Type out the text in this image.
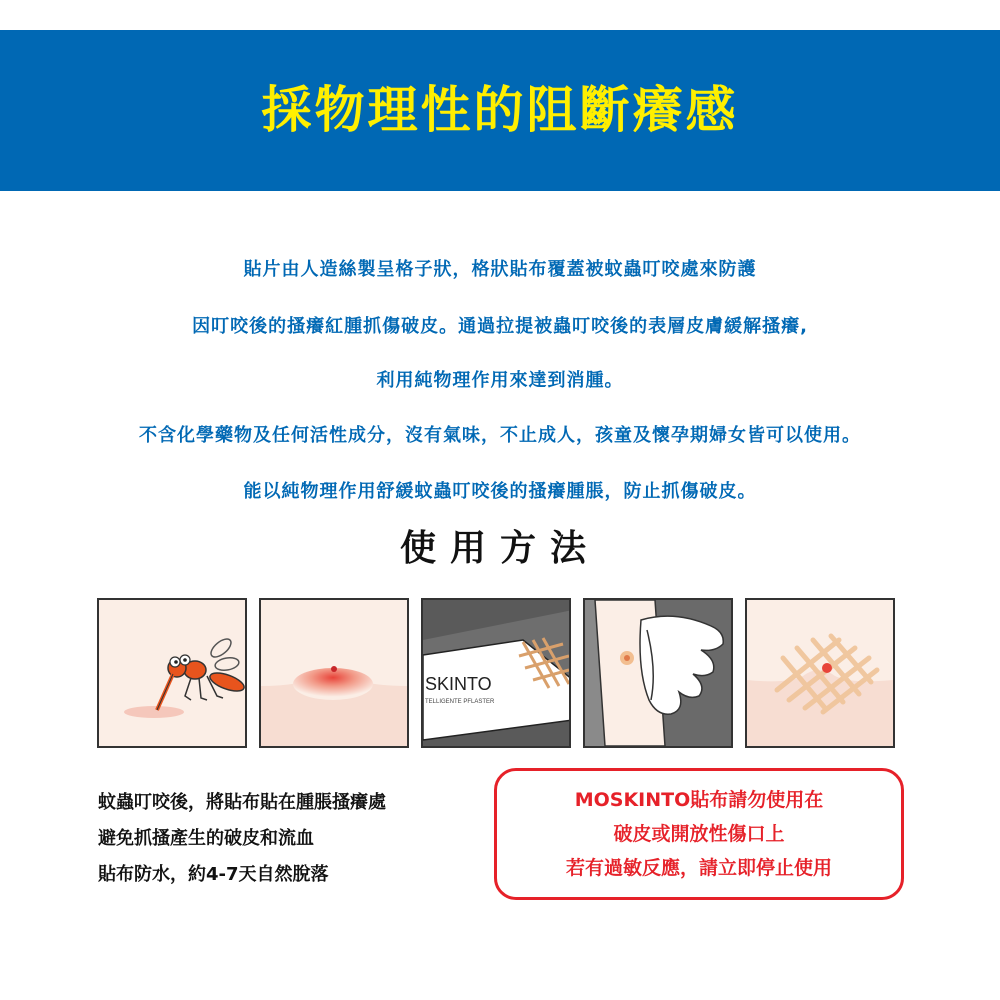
採物理性的阻斷癢感
貼片由人造絲製呈格子狀，格狀貼布覆蓋被蚊蟲叮咬處來防護
因叮咬後的搔癢紅腫抓傷破皮。通過拉提被蟲叮咬後的表層皮膚緩解搔癢,
利用純物理作用來達到消腫。
不含化學藥物及任何活性成分，沒有氣味，不止成人，孩童及懷孕期婦女皆可以使用。
能以純物理作用舒緩蚊蟲叮咬後的搔癢腫脹，防止抓傷破皮。
使用方法
SKINTO
TELLIGENTE PFLASTER
蚊蟲叮咬後，將貼布貼在腫脹搔癢處
避免抓搔產生的破皮和流血
貼布防水，約4-7天自然脫落
MOSKINTO貼布請勿使用在
破皮或開放性傷口上
若有過敏反應，請立即停止使用
